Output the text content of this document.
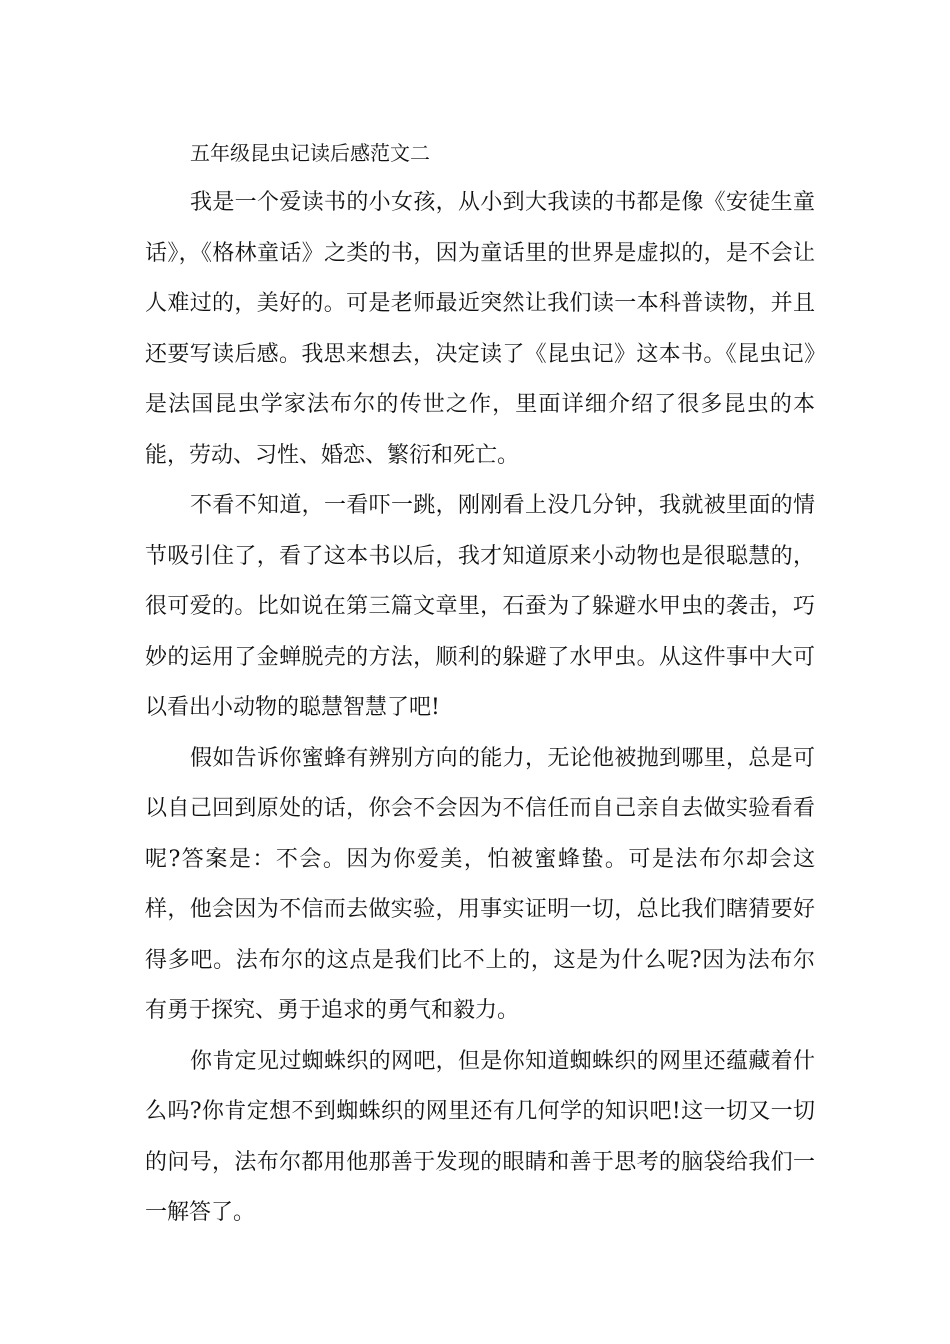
五年级昆虫记读后感范文二

我是一个爱读书的小女孩，从小到大我读的书都是像《安徒生童话》，《格林童话》之类的书，因为童话里的世界是虚拟的，是不会让人难过的，美好的。可是老师最近突然让我们读一本科普读物，并且还要写读后感。我思来想去，决定读了《昆虫记》这本书。《昆虫记》是法国昆虫学家法布尔的传世之作，里面详细介绍了很多昆虫的本能，劳动、习性、婚恋、繁衍和死亡。

不看不知道，一看吓一跳，刚刚看上没几分钟，我就被里面的情节吸引住了，看了这本书以后，我才知道原来小动物也是很聪慧的，很可爱的。比如说在第三篇文章里，石蚕为了躲避水甲虫的袭击，巧妙的运用了金蝉脱壳的方法，顺利的躲避了水甲虫。从这件事中大可以看出小动物的聪慧智慧了吧!

假如告诉你蜜蜂有辨别方向的能力，无论他被抛到哪里，总是可以自己回到原处的话，你会不会因为不信任而自己亲自去做实验看看呢?答案是：不会。因为你爱美，怕被蜜蜂蛰。可是法布尔却会这样，他会因为不信而去做实验，用事实证明一切，总比我们瞎猜要好得多吧。法布尔的这点是我们比不上的，这是为什么呢?因为法布尔有勇于探究、勇于追求的勇气和毅力。

你肯定见过蜘蛛织的网吧，但是你知道蜘蛛织的网里还蕴藏着什么吗?你肯定想不到蜘蛛织的网里还有几何学的知识吧!这一切又一切的问号，法布尔都用他那善于发现的眼睛和善于思考的脑袋给我们一一解答了。
